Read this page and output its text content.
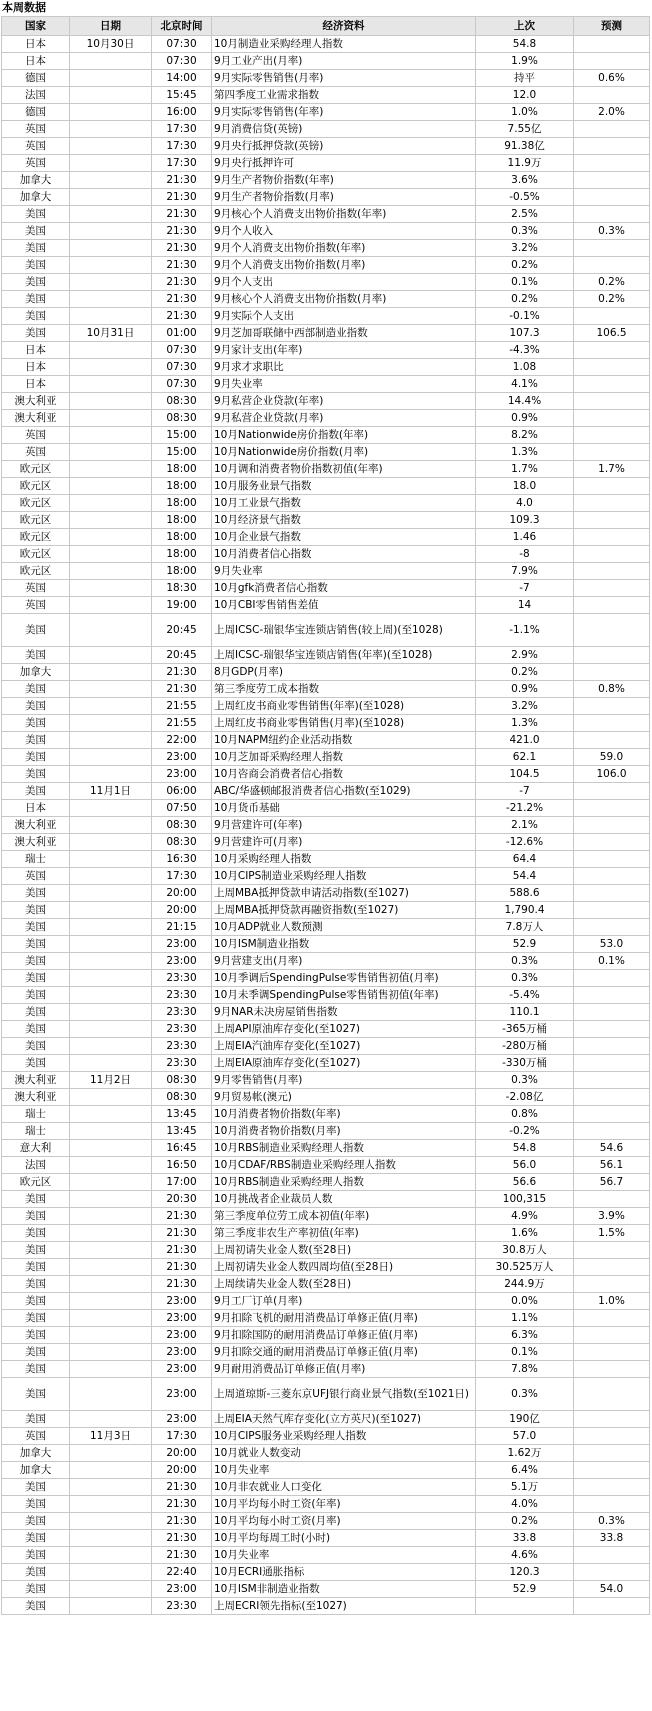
本周数据
国家	日期	北京时间	经济资料	上次	预测
日本	10月30日	07:30	10月制造业采购经理人指数	54.8	
日本		07:30	9月工业产出(月率)	1.9%	
德国		14:00	9月实际零售销售(月率)	持平	0.6%
法国		15:45	第四季度工业需求指数	12.0	
德国		16:00	9月实际零售销售(年率)	1.0%	2.0%
英国		17:30	9月消费信贷(英镑)	7.55亿	
英国		17:30	9月央行抵押贷款(英镑)	91.38亿	
英国		17:30	9月央行抵押许可	11.9万	
加拿大		21:30	9月生产者物价指数(年率)	3.6%	
加拿大		21:30	9月生产者物价指数(月率)	-0.5%	
美国		21:30	9月核心个人消费支出物价指数(年率)	2.5%	
美国		21:30	9月个人收入	0.3%	0.3%
美国		21:30	9月个人消费支出物价指数(年率)	3.2%	
美国		21:30	9月个人消费支出物价指数(月率)	0.2%	
美国		21:30	9月个人支出	0.1%	0.2%
美国		21:30	9月核心个人消费支出物价指数(月率)	0.2%	0.2%
美国		21:30	9月实际个人支出	-0.1%	
美国	10月31日	01:00	9月芝加哥联储中西部制造业指数	107.3	106.5
日本		07:30	9月家计支出(年率)	-4.3%	
日本		07:30	9月求才求职比	1.08	
日本		07:30	9月失业率	4.1%	
澳大利亚		08:30	9月私营企业贷款(年率)	14.4%	
澳大利亚		08:30	9月私营企业贷款(月率)	0.9%	
英国		15:00	10月Nationwide房价指数(年率)	8.2%	
英国		15:00	10月Nationwide房价指数(月率)	1.3%	
欧元区		18:00	10月调和消费者物价指数初值(年率)	1.7%	1.7%
欧元区		18:00	10月服务业景气指数	18.0	
欧元区		18:00	10月工业景气指数	4.0	
欧元区		18:00	10月经济景气指数	109.3	
欧元区		18:00	10月企业景气指数	1.46	
欧元区		18:00	10月消费者信心指数	-8	
欧元区		18:00	9月失业率	7.9%	
英国		18:30	10月gfk消费者信心指数	-7	
英国		19:00	10月CBI零售销售差值	14	
美国		20:45	上周ICSC-瑞银华宝连锁店销售(较上周)(至1028)	-1.1%	
美国		20:45	上周ICSC-瑞银华宝连锁店销售(年率)(至1028)	2.9%	
加拿大		21:30	8月GDP(月率)	0.2%	
美国		21:30	第三季度劳工成本指数	0.9%	0.8%
美国		21:55	上周红皮书商业零售销售(年率)(至1028)	3.2%	
美国		21:55	上周红皮书商业零售销售(月率)(至1028)	1.3%	
美国		22:00	10月NAPM纽约企业活动指数	421.0	
美国		23:00	10月芝加哥采购经理人指数	62.1	59.0
美国		23:00	10月咨商会消费者信心指数	104.5	106.0
美国	11月1日	06:00	ABC/华盛顿邮报消费者信心指数(至1029)	-7	
日本		07:50	10月货币基础	-21.2%	
澳大利亚		08:30	9月营建许可(年率)	2.1%	
澳大利亚		08:30	9月营建许可(月率)	-12.6%	
瑞士		16:30	10月采购经理人指数	64.4	
英国		17:30	10月CIPS制造业采购经理人指数	54.4	
美国		20:00	上周MBA抵押贷款申请活动指数(至1027)	588.6	
美国		20:00	上周MBA抵押贷款再融资指数(至1027)	1,790.4	
美国		21:15	10月ADP就业人数预测	7.8万人	
美国		23:00	10月ISM制造业指数	52.9	53.0
美国		23:00	9月营建支出(月率)	0.3%	0.1%
美国		23:30	10月季调后SpendingPulse零售销售初值(月率)	0.3%	
美国		23:30	10月未季调SpendingPulse零售销售初值(年率)	-5.4%	
美国		23:30	9月NAR未决房屋销售指数	110.1	
美国		23:30	上周API原油库存变化(至1027)	-365万桶	
美国		23:30	上周EIA汽油库存变化(至1027)	-280万桶	
美国		23:30	上周EIA原油库存变化(至1027)	-330万桶	
澳大利亚	11月2日	08:30	9月零售销售(月率)	0.3%	
澳大利亚		08:30	9月贸易帐(澳元)	-2.08亿	
瑞士		13:45	10月消费者物价指数(年率)	0.8%	
瑞士		13:45	10月消费者物价指数(月率)	-0.2%	
意大利		16:45	10月RBS制造业采购经理人指数	54.8	54.6
法国		16:50	10月CDAF/RBS制造业采购经理人指数	56.0	56.1
欧元区		17:00	10月RBS制造业采购经理人指数	56.6	56.7
美国		20:30	10月挑战者企业裁员人数	100,315	
美国		21:30	第三季度单位劳工成本初值(年率)	4.9%	3.9%
美国		21:30	第三季度非农生产率初值(年率)	1.6%	1.5%
美国		21:30	上周初请失业金人数(至28日)	30.8万人	
美国		21:30	上周初请失业金人数四周均值(至28日)	30.525万人	
美国		21:30	上周续请失业金人数(至28日)	244.9万	
美国		23:00	9月工厂订单(月率)	0.0%	1.0%
美国		23:00	9月扣除飞机的耐用消费品订单修正值(月率)	1.1%	
美国		23:00	9月扣除国防的耐用消费品订单修正值(月率)	6.3%	
美国		23:00	9月扣除交通的耐用消费品订单修正值(月率)	0.1%	
美国		23:00	9月耐用消费品订单修正值(月率)	7.8%	
美国		23:00	上周道琼斯-三菱东京UFJ银行商业景气指数(至1021日)	0.3%	
美国		23:00	上周EIA天然气库存变化(立方英尺)(至1027)	190亿	
英国	11月3日	17:30	10月CIPS服务业采购经理人指数	57.0	
加拿大		20:00	10月就业人数变动	1.62万	
加拿大		20:00	10月失业率	6.4%	
美国		21:30	10月非农就业人口变化	5.1万	
美国		21:30	10月平均每小时工资(年率)	4.0%	
美国		21:30	10月平均每小时工资(月率)	0.2%	0.3%
美国		21:30	10月平均每周工时(小时)	33.8	33.8
美国		21:30	10月失业率	4.6%	
美国		22:40	10月ECRI通胀指标	120.3	
美国		23:00	10月ISM非制造业指数	52.9	54.0
美国		23:30	上周ECRI领先指标(至1027)		
